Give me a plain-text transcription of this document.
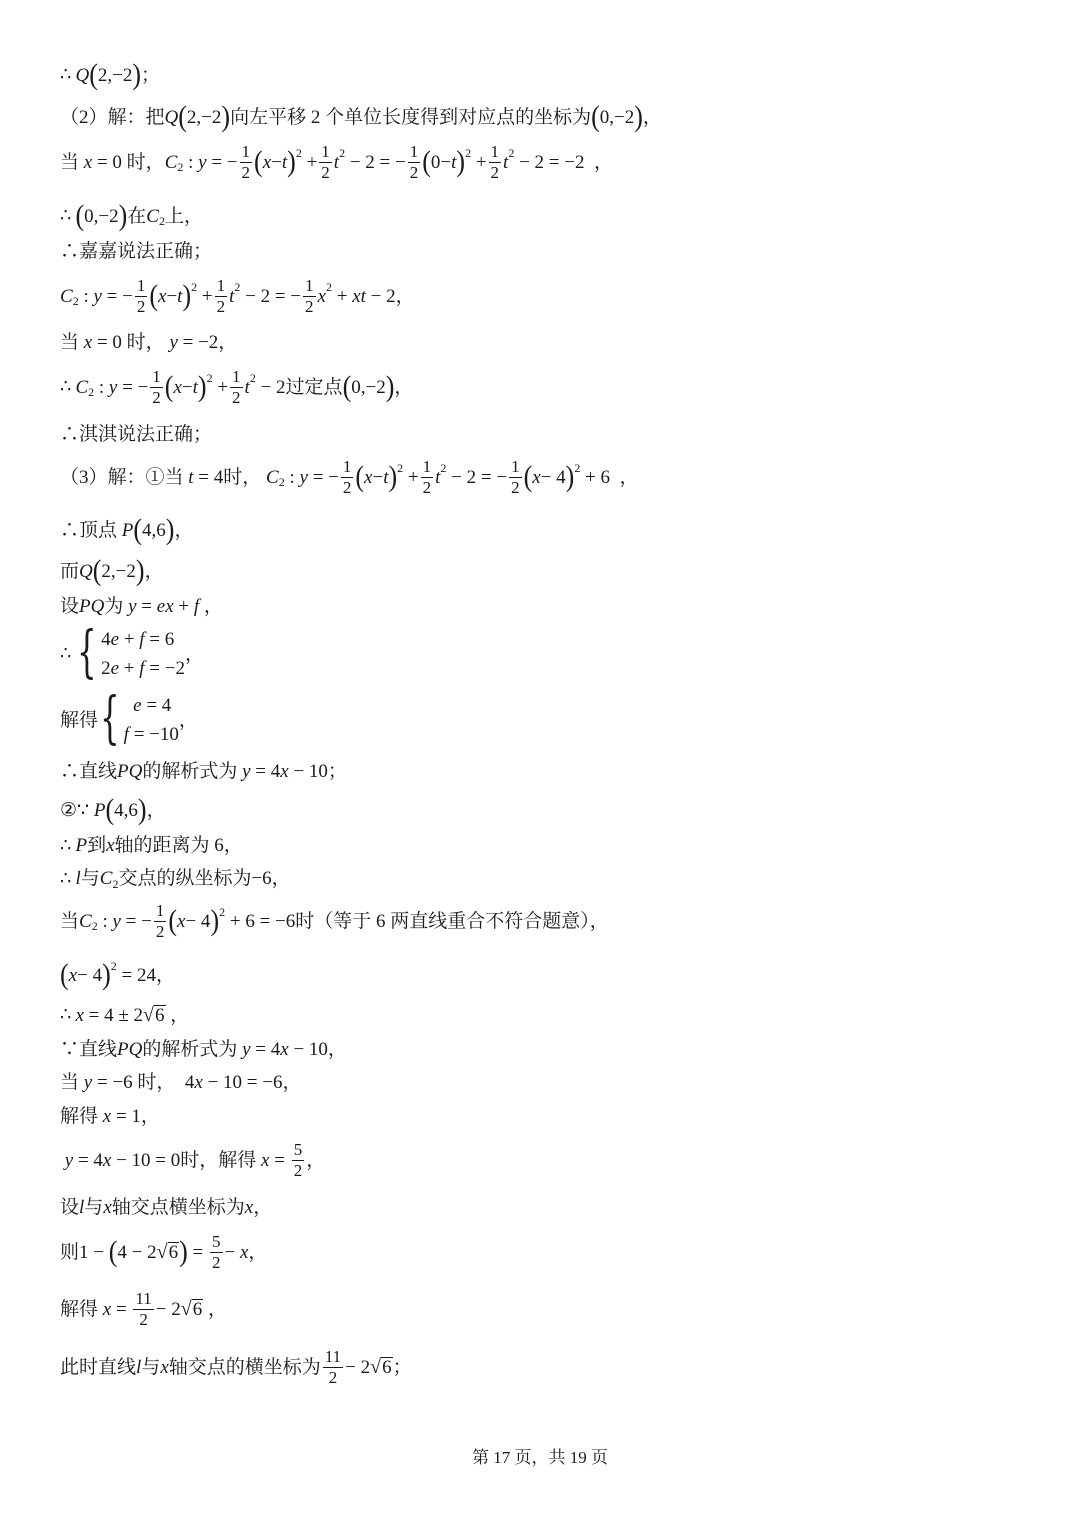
∴ Q ( 2,−2 ) ；
（2）解：把 Q ( 2,−2 ) 向左平移 2 个单位长度得到对应点的坐标为 ( 0,−2 ) ，
当 x = 0 时， C 2 : y = − $\frac{1}{2}$ ( x − t ) $2 + \frac{1}{2}$ t 2 − 2 = − $\frac{1}{2}$ ( 0− t ) $2 + \frac{1}{2}$ t 2 − 2 = −2  ，
∴ ( 0,−2 ) 在 C 2 上，
∴嘉嘉说法正确；
C 2 : y = − $\frac{1}{2}$ ( x − t ) $2 + \frac{1}{2}$ t 2 − 2 = − $\frac{1}{2}$ x 2 + xt − 2，
当 x = 0 时，
y = −2，
∴ C 2 : y = − $\frac{1}{2}$ ( x − t ) $2 + \frac{1}{2}$ t 2 − 2 过定点 ( 0,−2 ) ，
∴淇淇说法正确；
（3）解：①当 t = 4 时，
C 2 : y = − $\frac{1}{2}$ ( x − t ) $2 + \frac{1}{2}$ t 2 − 2 = − $\frac{1}{2}$ ( x − 4 ) 2 + 6  ，
∴顶点 P ( 4,6 ) ，
而 Q ( 2,−2 ) ，
设 PQ 为 y = ex + f ，
∴ { 4e + f = 6
2e + f = −2
，
解得 { e = 4
f = −10
，
∴直线 PQ 的解析式为 y = 4 x − 10；
②∵ P ( 4,6 ) ，
∴ P 到 x 轴的距离为 6，
∴ l 与 C 2 交点的纵坐标为 −6，
当 C 2 : y = − $\frac{1}{2}$ ( x − 4 ) 2 + 6 = −6 时（等于 6 两直线重合不符合题意），
( x − 4 ) 2 = 24，
∴ x = 4 ± 2 √ 6 ，
∵直线 PQ 的解析式为 y = 4 x − 10，
当 y = −6 时， 4 x − 10 = −6，
解得 x = 1，
y = 4 x − 10 = 0 时，解得 $x = \frac{5}{2}$ ，
设 l 与 x 轴交点横坐标为 x ，
则 1 − ( 4 − 2 √ 6 ) = $\frac{5}{2} - x$ ，
解得 $x = \frac{11}{2} - 2$ √ 6 ，
此时直线 l 与 x 轴交点的横坐标为 $\frac{11}{2} - 2$ √ 6 ；
第 17 页，共 19 页
